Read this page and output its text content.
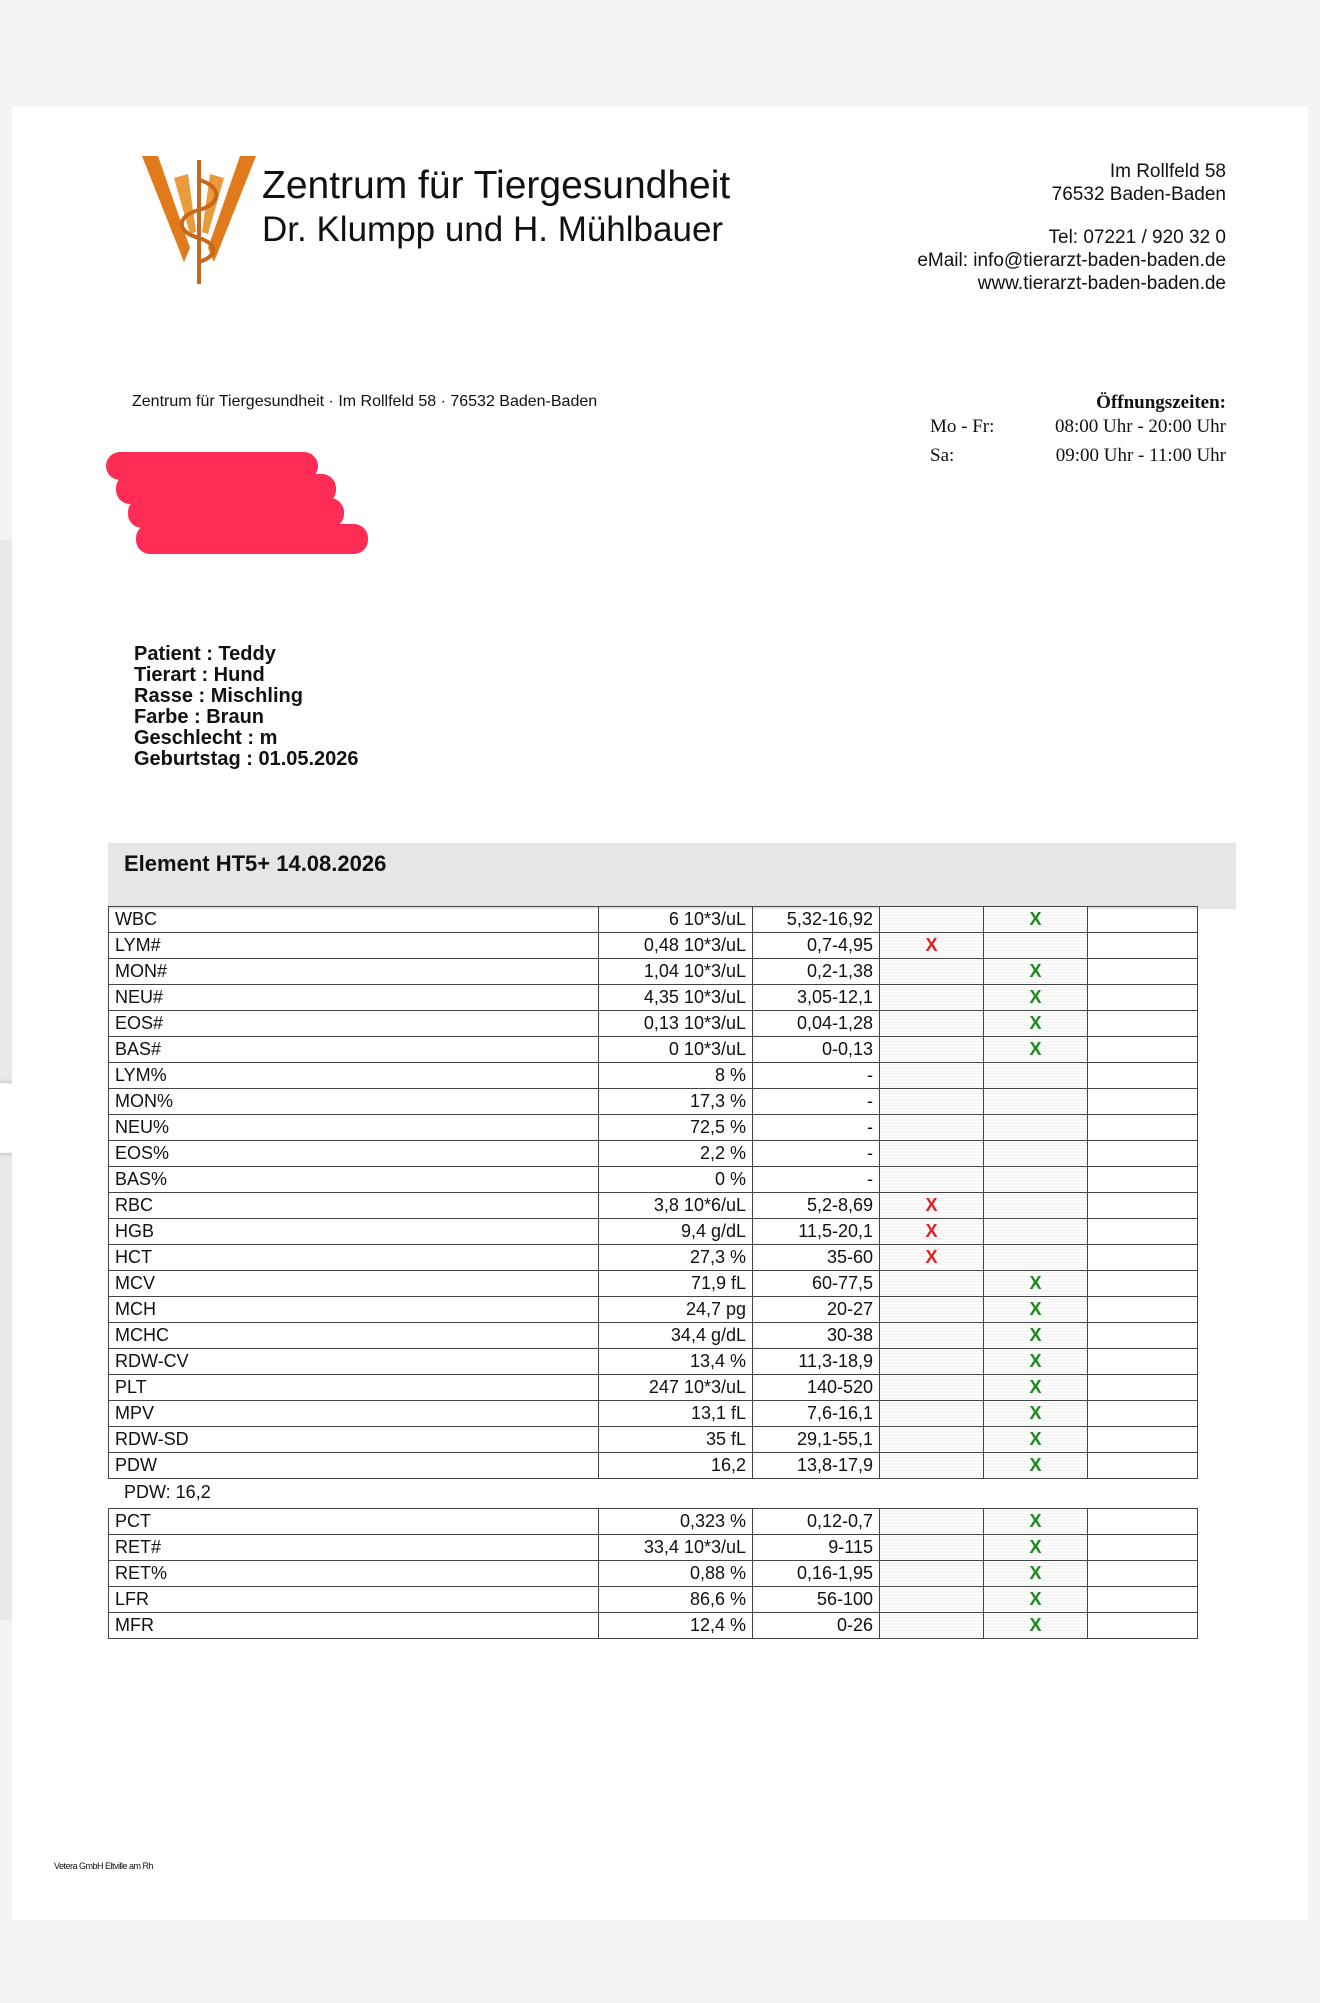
Zentrum für Tiergesundheit
Dr. Klumpp und H. Mühlbauer
Im Rollfeld 58
76532 Baden-Baden
Tel: 07221 / 920 32 0
eMail: info@tierarzt-baden-baden.de
www.tierarzt-baden-baden.de
Zentrum für Tiergesundheit · Im Rollfeld 58 · 76532 Baden-Baden	Öffnungszeiten:
Mo - Fr:	08:00 Uhr - 20:00 Uhr
Sa:	09:00 Uhr - 11:00 Uhr
Patient : Teddy
Tierart : Hund
Rasse : Mischling
Farbe : Braun
Geschlecht : m
Geburtstag : 01.05.2026
Element HT5+ 14.08.2026
WBC	6 10*3/uL	5,32-16,92		X	
LYM#	0,48 10*3/uL	0,7-4,95	X		
MON#	1,04 10*3/uL	0,2-1,38		X	
NEU#	4,35 10*3/uL	3,05-12,1		X	
EOS#	0,13 10*3/uL	0,04-1,28		X	
BAS#	0 10*3/uL	0-0,13		X	
LYM%	8 %	-			
MON%	17,3 %	-			
NEU%	72,5 %	-			
EOS%	2,2 %	-			
BAS%	0 %	-			
RBC	3,8 10*6/uL	5,2-8,69	X		
HGB	9,4 g/dL	11,5-20,1	X		
HCT	27,3 %	35-60	X		
MCV	71,9 fL	60-77,5		X	
MCH	24,7 pg	20-27		X	
MCHC	34,4 g/dL	30-38		X	
RDW-CV	13,4 %	11,3-18,9		X	
PLT	247 10*3/uL	140-520		X	
MPV	13,1 fL	7,6-16,1		X	
RDW-SD	35 fL	29,1-55,1		X	
PDW	16,2	13,8-17,9		X	
PDW: 16,2
PCT	0,323 %	0,12-0,7		X	
RET#	33,4 10*3/uL	9-115		X	
RET%	0,88 %	0,16-1,95		X	
LFR	86,6 %	56-100		X	
MFR	12,4 %	0-26		X	
Vetera GmbH Eltville am Rh
